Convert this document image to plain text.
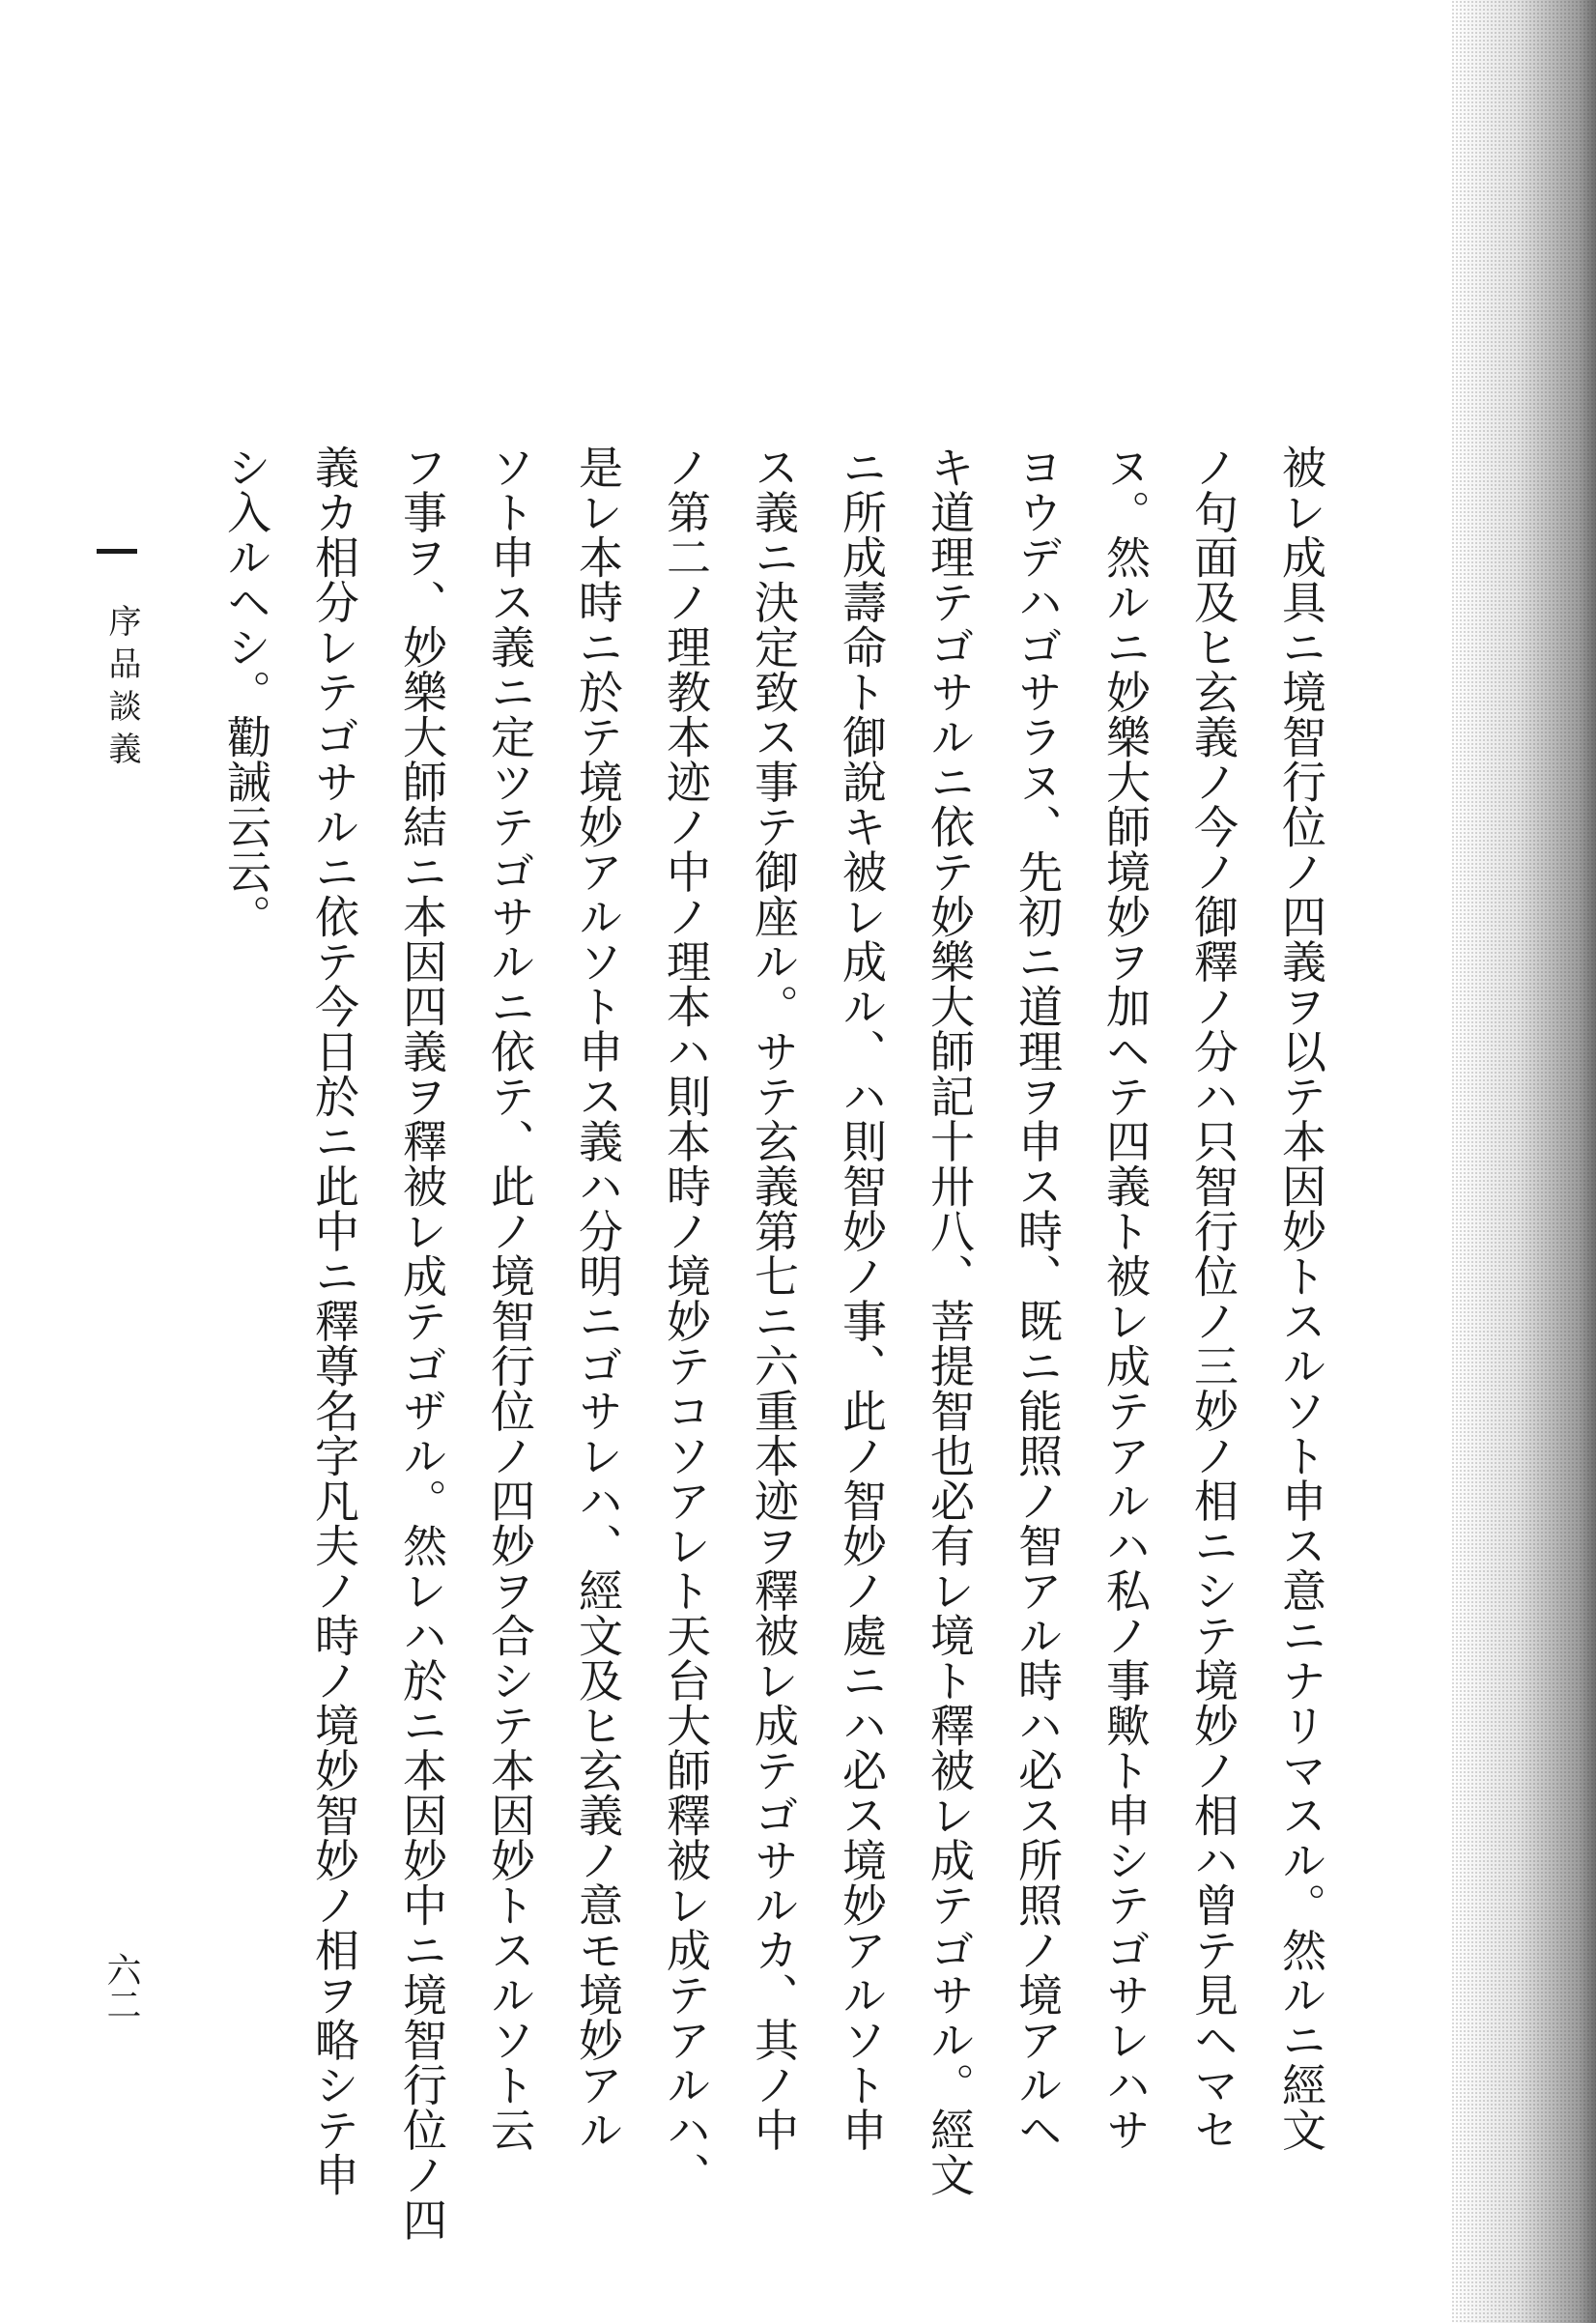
被レ成具ニ境智行位ノ四義ヲ以テ本因妙トスルソト申ス意ニナリマスル。然ルニ經文
ノ句面及ヒ玄義ノ今ノ御釋ノ分ハ只智行位ノ三妙ノ相ニシテ境妙ノ相ハ曾テ見ヘマセ
ヌ。然ルニ妙樂大師境妙ヲ加ヘテ四義ト被レ成テアルハ私ノ事歟ト申シテゴサレハサ
ヨウデハゴサラヌ、先初ニ道理ヲ申ス時、既ニ能照ノ智アル時ハ必ス所照ノ境アルヘ
キ道理テゴサルニ依テ妙樂大師記十卅八、菩提智也必有レ境ト釋被レ成テゴサル。經文
ニ所成壽命ト御說キ被レ成ル、ハ則智妙ノ事、此ノ智妙ノ處ニハ必ス境妙アルソト申
ス義ニ決定致ス事テ御座ル。サテ玄義第七ニ六重本迹ヲ釋被レ成テゴサルカ、其ノ中
ノ第二ノ理教本迹ノ中ノ理本ハ則本時ノ境妙テコソアレト天台大師釋被レ成テアルハ、
是レ本時ニ於テ境妙アルソト申ス義ハ分明ニゴサレハ、經文及ヒ玄義ノ意モ境妙アル
ソト申ス義ニ定ツテゴサルニ依テ、此ノ境智行位ノ四妙ヲ合シテ本因妙トスルソト云
フ事ヲ、妙樂大師結ニ本因四義ヲ釋被レ成テゴザル。然レハ於ニ本因妙中ニ境智行位ノ四
義カ相分レテゴサルニ依テ今日於ニ此中ニ釋尊名字凡夫ノ時ノ境妙智妙ノ相ヲ略シテ申
シ入ルヘシ。勸誡云云。
序品談義
六二
